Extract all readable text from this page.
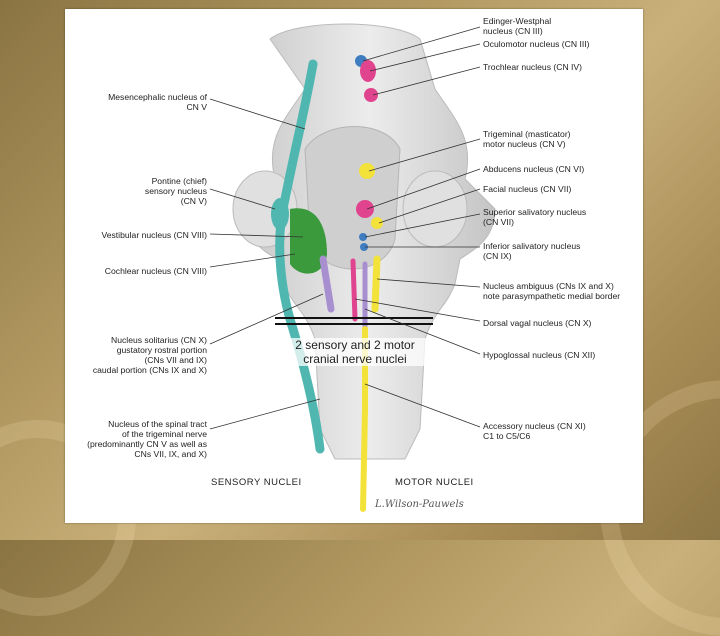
Mesencephalic nucleus of
CN V
Pontine (chief)
sensory nucleus
(CN V)
Vestibular nucleus (CN VIII)
Cochlear nucleus (CN VIII)
Nucleus solitarius (CN X)
gustatory rostral portion
(CNs VII and IX)
caudal portion (CNs IX and X)
Nucleus of the spinal tract
of the trigeminal nerve
(predominantly CN V as well as
CNs VII, IX, and X)
Edinger-Westphal
nucleus (CN III)
Oculomotor nucleus (CN III)
Trochlear nucleus (CN IV)
Trigeminal (masticator)
motor nucleus (CN V)
Abducens nucleus (CN VI)
Facial nucleus (CN VII)
Superior salivatory nucleus
(CN VII)
Inferior salivatory nucleus
(CN IX)
Nucleus ambiguus (CNs IX and X)
note parasympathetic medial border
Dorsal vagal nucleus (CN X)
Hypoglossal nucleus (CN XII)
Accessory nucleus (CN XI)
C1 to C5/C6
SENSORY NUCLEI	MOTOR NUCLEI
L.Wilson-Pauwels
2 sensory and 2 motor
cranial nerve nuclei
